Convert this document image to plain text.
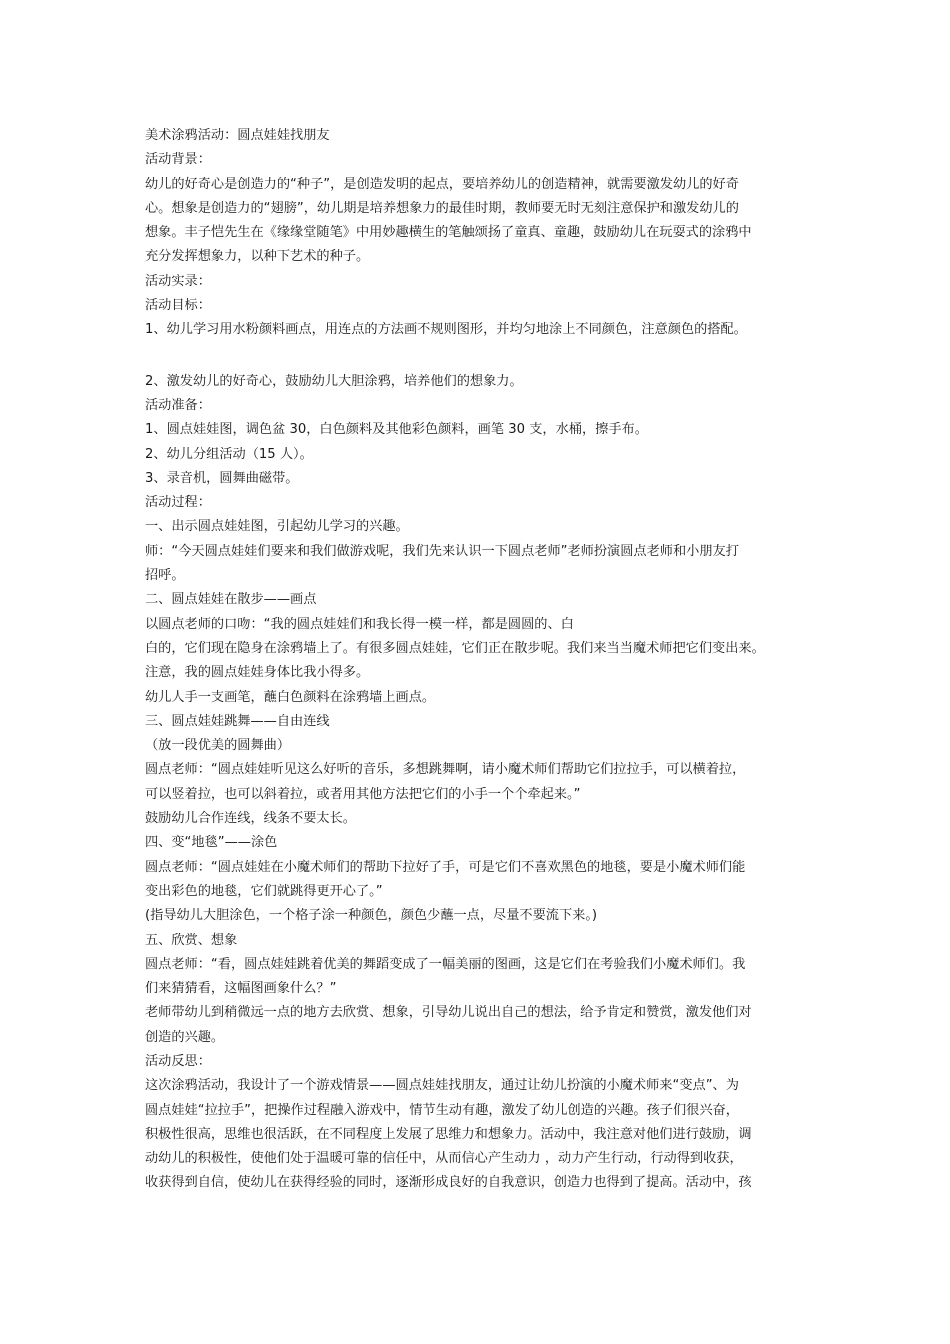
美术涂鸦活动：圆点娃娃找朋友
活动背景：
幼儿的好奇心是创造力的“种子”，是创造发明的起点，要培养幼儿的创造精神，就需要激发幼儿的好奇
心。想象是创造力的“翅膀”，幼儿期是培养想象力的最佳时期，教师要无时无刻注意保护和激发幼儿的
想象。丰子恺先生在《缘缘堂随笔》中用妙趣横生的笔触颂扬了童真、童趣，鼓励幼儿在玩耍式的涂鸦中
充分发挥想象力，以种下艺术的种子。
活动实录：
活动目标：
1、幼儿学习用水粉颜料画点，用连点的方法画不规则图形，并均匀地涂上不同颜色，注意颜色的搭配。
2、激发幼儿的好奇心，鼓励幼儿大胆涂鸦，培养他们的想象力。
活动准备：
1、圆点娃娃图，调色盆 30，白色颜料及其他彩色颜料，画笔 30 支，水桶，擦手布。
2、幼儿分组活动（15 人）。
3、录音机，圆舞曲磁带。
活动过程：
一、出示圆点娃娃图，引起幼儿学习的兴趣。
师：“今天圆点娃娃们要来和我们做游戏呢，我们先来认识一下圆点老师”老师扮演圆点老师和小朋友打
招呼。
二、圆点娃娃在散步——画点
以圆点老师的口吻：“我的圆点娃娃们和我长得一模一样，都是圆圆的、白
白的，它们现在隐身在涂鸦墙上了。有很多圆点娃娃，它们正在散步呢。我们来当当魔术师把它们变出来。
注意，我的圆点娃娃身体比我小得多。
幼儿人手一支画笔，蘸白色颜料在涂鸦墙上画点。
三、圆点娃娃跳舞——自由连线
（放一段优美的圆舞曲）
圆点老师：“圆点娃娃听见这么好听的音乐，多想跳舞啊，请小魔术师们帮助它们拉拉手，可以横着拉，
可以竖着拉，也可以斜着拉，或者用其他方法把它们的小手一个个牵起来。”
鼓励幼儿合作连线，线条不要太长。
四、变“地毯”——涂色
圆点老师：“圆点娃娃在小魔术师们的帮助下拉好了手，可是它们不喜欢黑色的地毯，要是小魔术师们能
变出彩色的地毯，它们就跳得更开心了。”
(指导幼儿大胆涂色，一个格子涂一种颜色，颜色少蘸一点，尽量不要流下来。)
五、欣赏、想象
圆点老师：“看，圆点娃娃跳着优美的舞蹈变成了一幅美丽的图画，这是它们在考验我们小魔术师们。我
们来猜猜看，这幅图画象什么？”
老师带幼儿到稍微远一点的地方去欣赏、想象，引导幼儿说出自己的想法，给予肯定和赞赏，激发他们对
创造的兴趣。
活动反思：
这次涂鸦活动，我设计了一个游戏情景——圆点娃娃找朋友，通过让幼儿扮演的小魔术师来“变点”、为
圆点娃娃“拉拉手”，把操作过程融入游戏中，情节生动有趣，激发了幼儿创造的兴趣。孩子们很兴奋，
积极性很高，思维也很活跃，在不同程度上发展了思维力和想象力。活动中，我注意对他们进行鼓励，调
动幼儿的积极性，使他们处于温暖可靠的信任中，从而信心产生动力 ，动力产生行动，行动得到收获，
收获得到自信，使幼儿在获得经验的同时，逐渐形成良好的自我意识，创造力也得到了提高。活动中，孩
